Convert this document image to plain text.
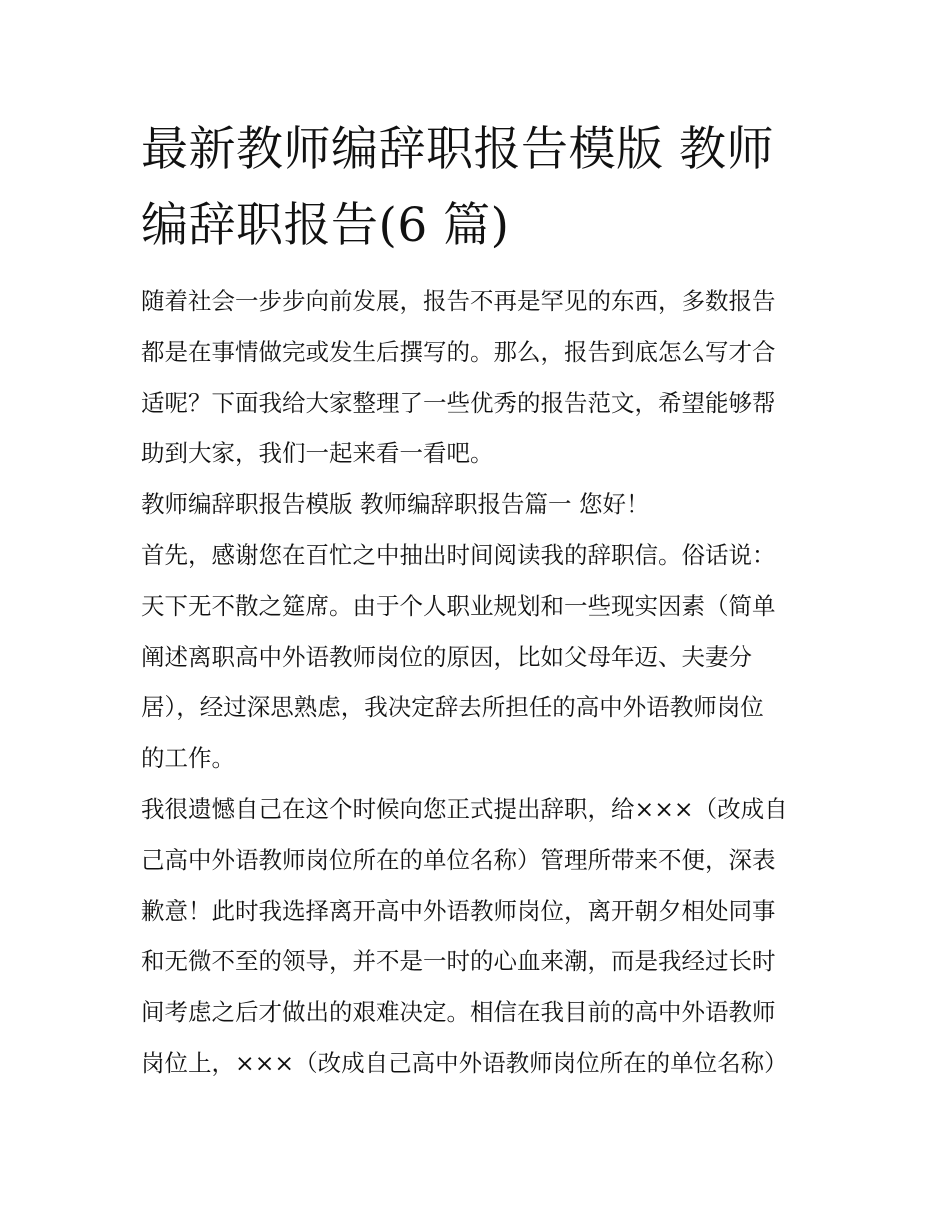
最新教师编辞职报告模版 教师
编辞职报告(6 篇)
随着社会一步步向前发展，报告不再是罕见的东西，多数报告
都是在事情做完或发生后撰写的。那么，报告到底怎么写才合
适呢？下面我给大家整理了一些优秀的报告范文，希望能够帮
助到大家，我们一起来看一看吧。
教师编辞职报告模版 教师编辞职报告篇一 您好！
首先，感谢您在百忙之中抽出时间阅读我的辞职信。俗话说：
天下无不散之筵席。由于个人职业规划和一些现实因素（简单
阐述离职高中外语教师岗位的原因，比如父母年迈、夫妻分
居），经过深思熟虑，我决定辞去所担任的高中外语教师岗位
的工作。
我很遗憾自己在这个时候向您正式提出辞职，给×××（改成自
己高中外语教师岗位所在的单位名称）管理所带来不便，深表
歉意！此时我选择离开高中外语教师岗位，离开朝夕相处同事
和无微不至的领导，并不是一时的心血来潮，而是我经过长时
间考虑之后才做出的艰难决定。相信在我目前的高中外语教师
岗位上，×××（改成自己高中外语教师岗位所在的单位名称）
